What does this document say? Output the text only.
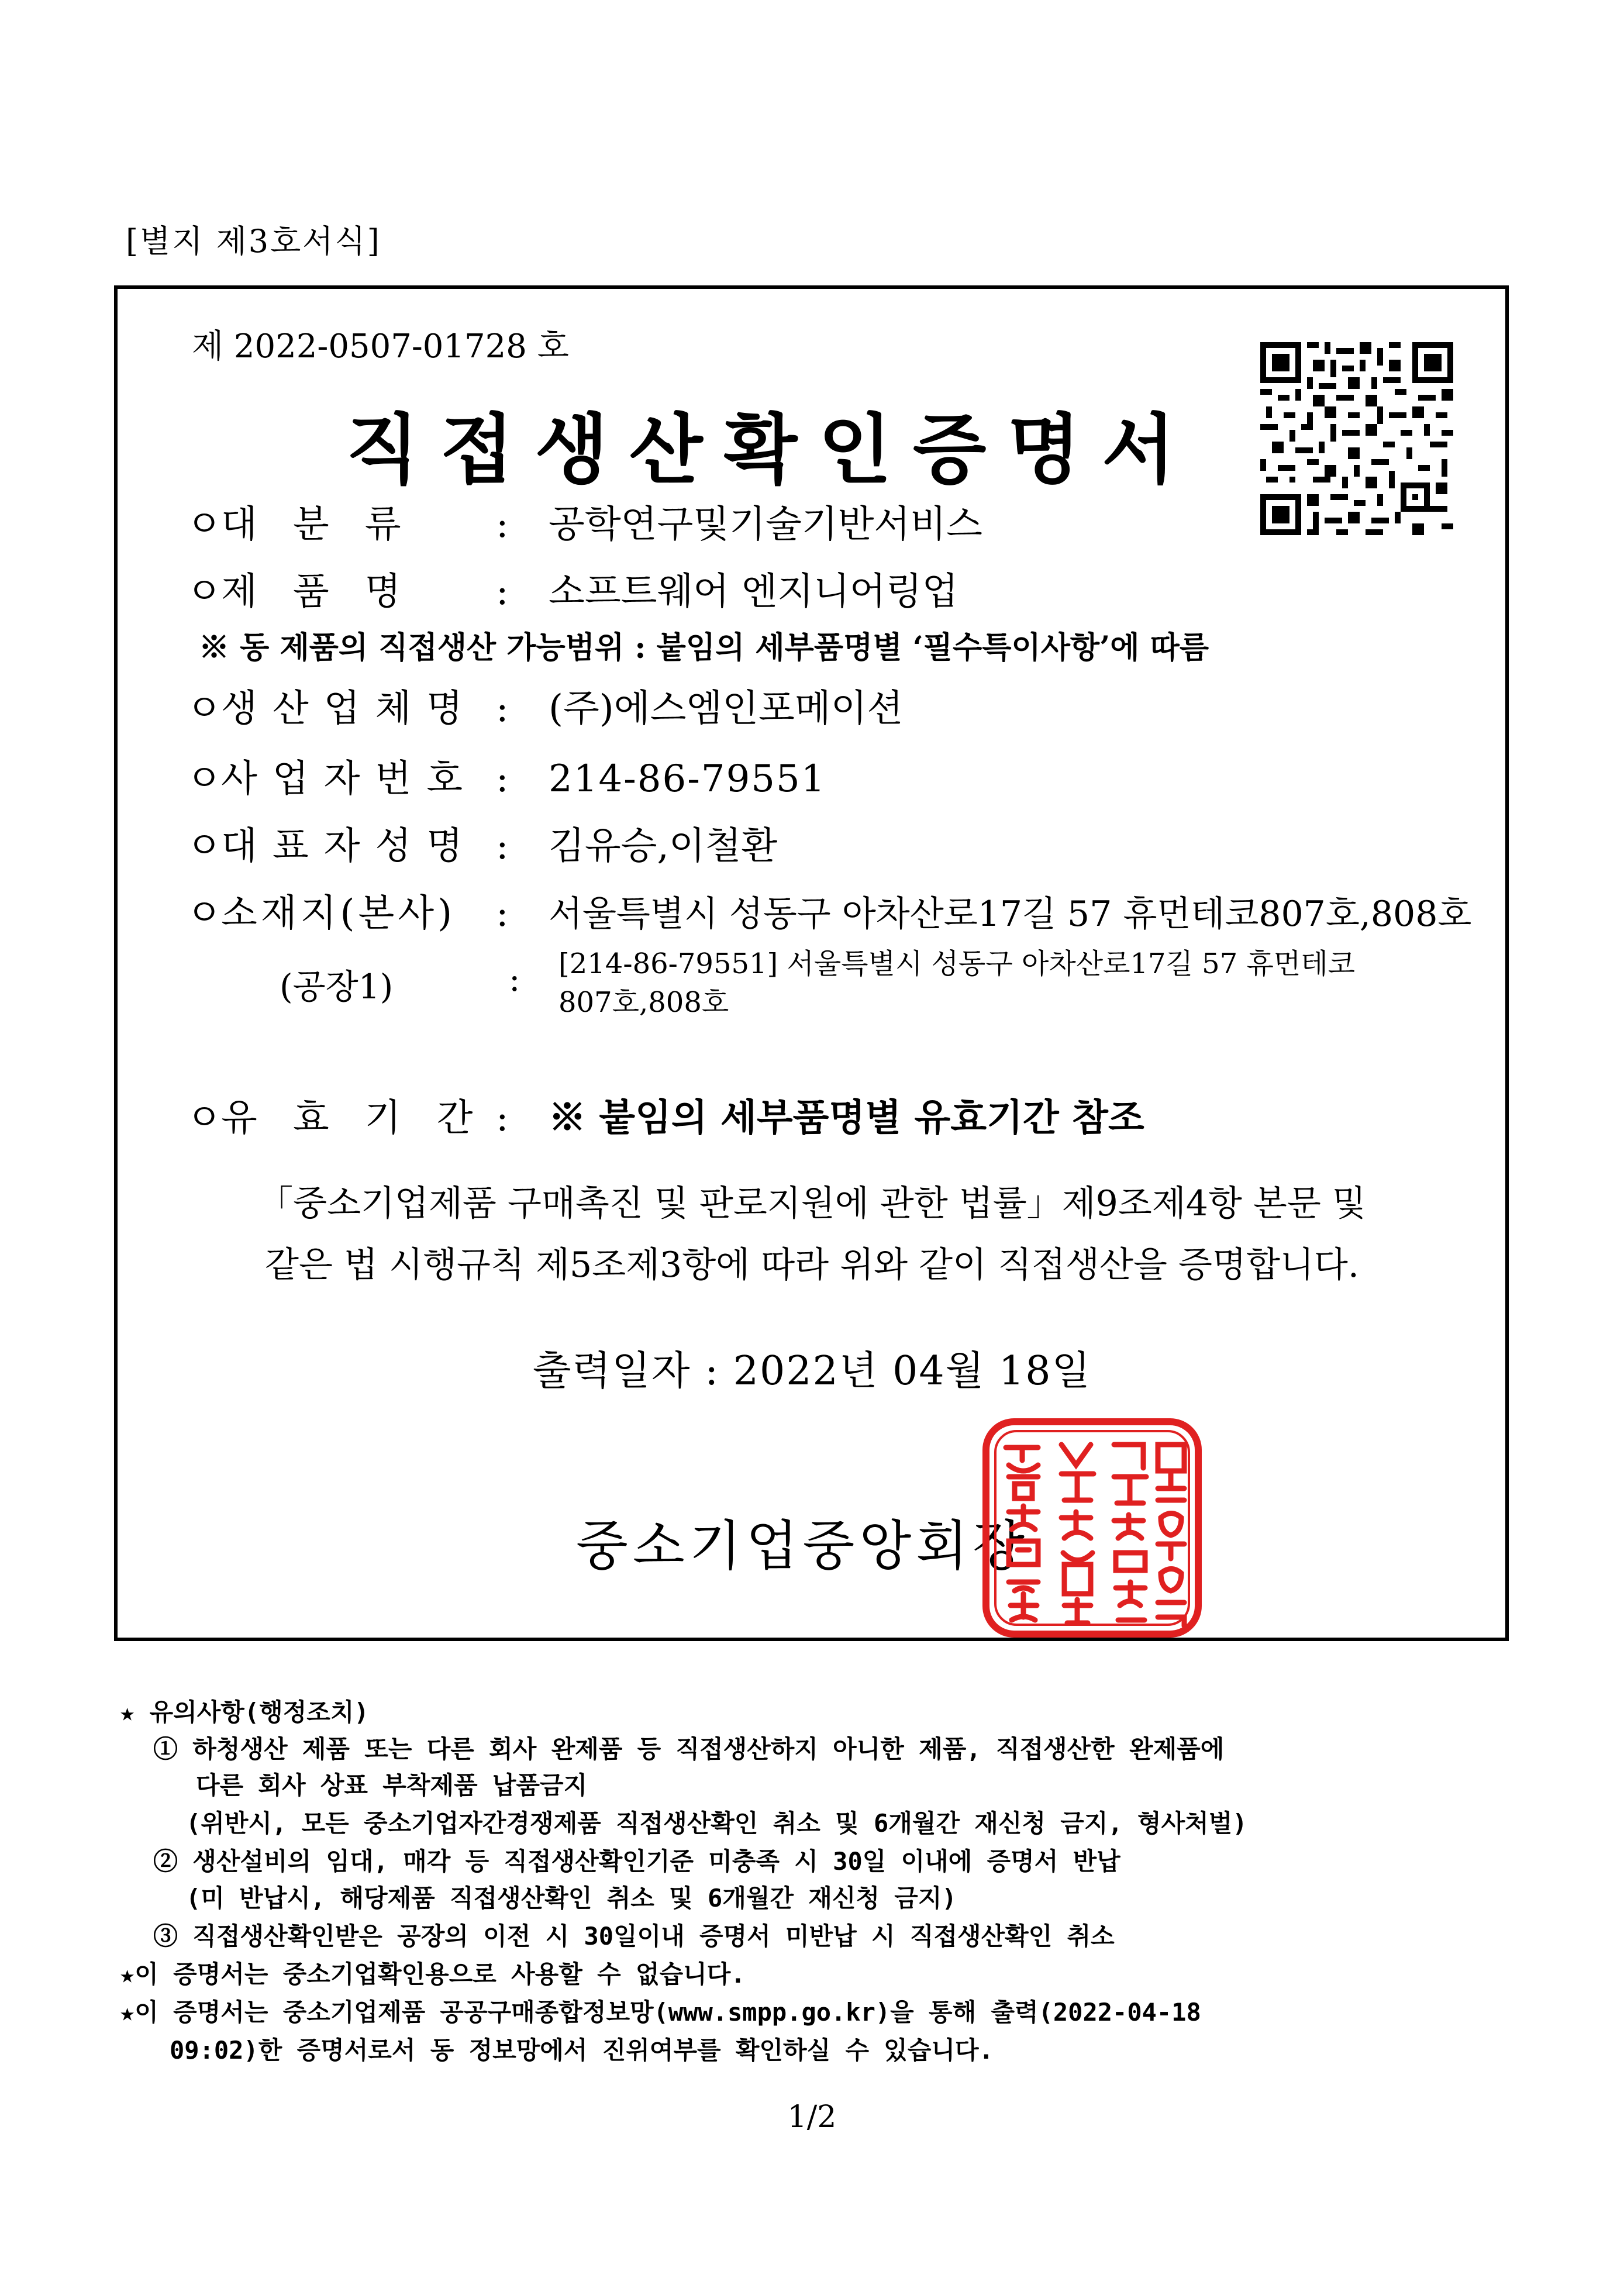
[별지 제3호서식]
제 2022-0507-01728 호
직접생산확인증명서
ㅇ대   분   류	: 공학연구및기술기반서비스
ㅇ제   품   명	: 소프트웨어 엔지니어링업
※ 동 제품의 직접생산 가능범위 : 붙임의 세부품명별 ‘필수특이사항’에 따름
ㅇ생산업체명 : (주)에스엠인포메이션
ㅇ사업자번호 : 214-86-79551
ㅇ대표자성명 : 김유승,이철환
ㅇ소재지(본사) : 서울특별시 성동구 아차산로17길 57 휴먼테코807호,808호
(공장1)	: [214-86-79551] 서울특별시 성동구 아차산로17길 57 휴먼테코
807호,808호
ㅇ유   효   기   간 : ※ 붙임의 세부품명별 유효기간 참조
「중소기업제품 구매촉진 및 판로지원에 관한 법률」제9조제4항 본문 및
같은 법 시행규칙 제5조제3항에 따라 위와 같이 직접생산을 증명합니다.
출력일자 : 2022년 04월 18일
중소기업중앙회장
★ 유의사항(행정조치)
① 하청생산 제품 또는 다른 회사 완제품 등 직접생산하지 아니한 제품, 직접생산한 완제품에
다른 회사 상표 부착제품 납품금지
(위반시, 모든 중소기업자간경쟁제품 직접생산확인 취소 및 6개월간 재신청 금지, 형사처벌)
② 생산설비의 임대, 매각 등 직접생산확인기준 미충족 시 30일 이내에 증명서 반납
(미 반납시, 해당제품 직접생산확인 취소 및 6개월간 재신청 금지)
③ 직접생산확인받은 공장의 이전 시 30일이내 증명서 미반납 시 직접생산확인 취소
★이 증명서는 중소기업확인용으로 사용할 수 없습니다.
★이 증명서는 중소기업제품 공공구매종합정보망(www.smpp.go.kr)을 통해 출력(2022-04-18
09:02)한 증명서로서 동 정보망에서 진위여부를 확인하실 수 있습니다.
1/2
